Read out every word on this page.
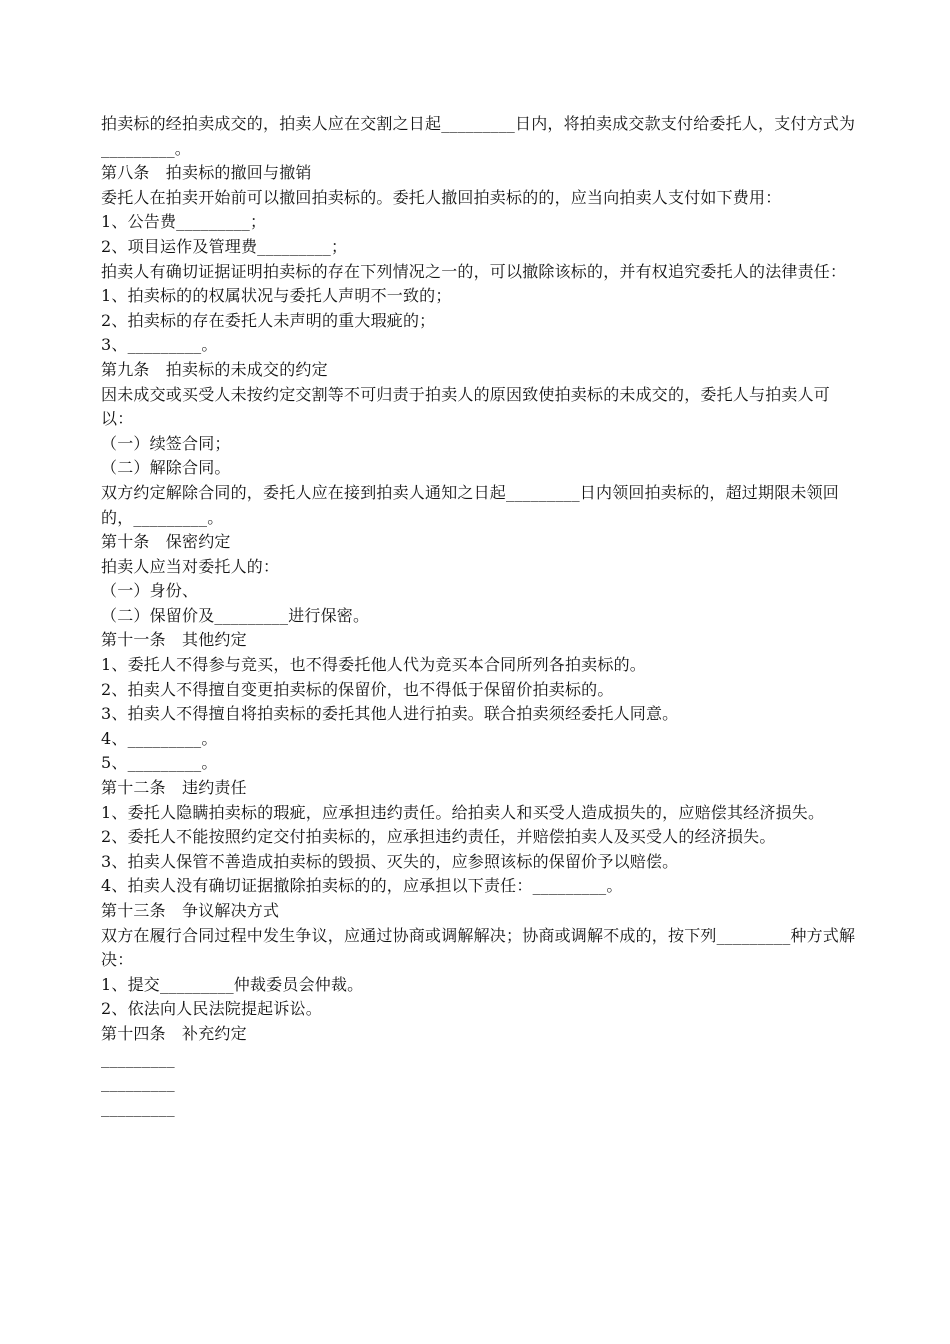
拍卖标的经拍卖成交的，拍卖人应在交割之日起_________日内，将拍卖成交款支付给委托人，支付方式为_________。

第八条　拍卖标的撤回与撤销

委托人在拍卖开始前可以撤回拍卖标的。委托人撤回拍卖标的的，应当向拍卖人支付如下费用：

1、公告费_________；

2、项目运作及管理费_________；

拍卖人有确切证据证明拍卖标的存在下列情况之一的，可以撤除该标的，并有权追究委托人的法律责任：

1、拍卖标的的权属状况与委托人声明不一致的；

2、拍卖标的存在委托人未声明的重大瑕疵的；

3、_________。

第九条　拍卖标的未成交的约定

因未成交或买受人未按约定交割等不可归责于拍卖人的原因致使拍卖标的未成交的，委托人与拍卖人可以：

（一）续签合同；

（二）解除合同。

双方约定解除合同的，委托人应在接到拍卖人通知之日起_________日内领回拍卖标的，超过期限未领回的，_________。

第十条　保密约定

拍卖人应当对委托人的：

（一）身份、

（二）保留价及_________进行保密。

第十一条　其他约定

1、委托人不得参与竞买，也不得委托他人代为竞买本合同所列各拍卖标的。

2、拍卖人不得擅自变更拍卖标的保留价，也不得低于保留价拍卖标的。

3、拍卖人不得擅自将拍卖标的委托其他人进行拍卖。联合拍卖须经委托人同意。

4、_________。

5、_________。

第十二条　违约责任

1、委托人隐瞒拍卖标的瑕疵，应承担违约责任。给拍卖人和买受人造成损失的，应赔偿其经济损失。

2、委托人不能按照约定交付拍卖标的，应承担违约责任，并赔偿拍卖人及买受人的经济损失。

3、拍卖人保管不善造成拍卖标的毁损、灭失的，应参照该标的保留价予以赔偿。

4、拍卖人没有确切证据撤除拍卖标的的，应承担以下责任：_________。

第十三条　争议解决方式

双方在履行合同过程中发生争议，应通过协商或调解解决；协商或调解不成的，按下列_________种方式解决：

1、提交_________仲裁委员会仲裁。

2、依法向人民法院提起诉讼。

第十四条　补充约定

_________

_________

_________
